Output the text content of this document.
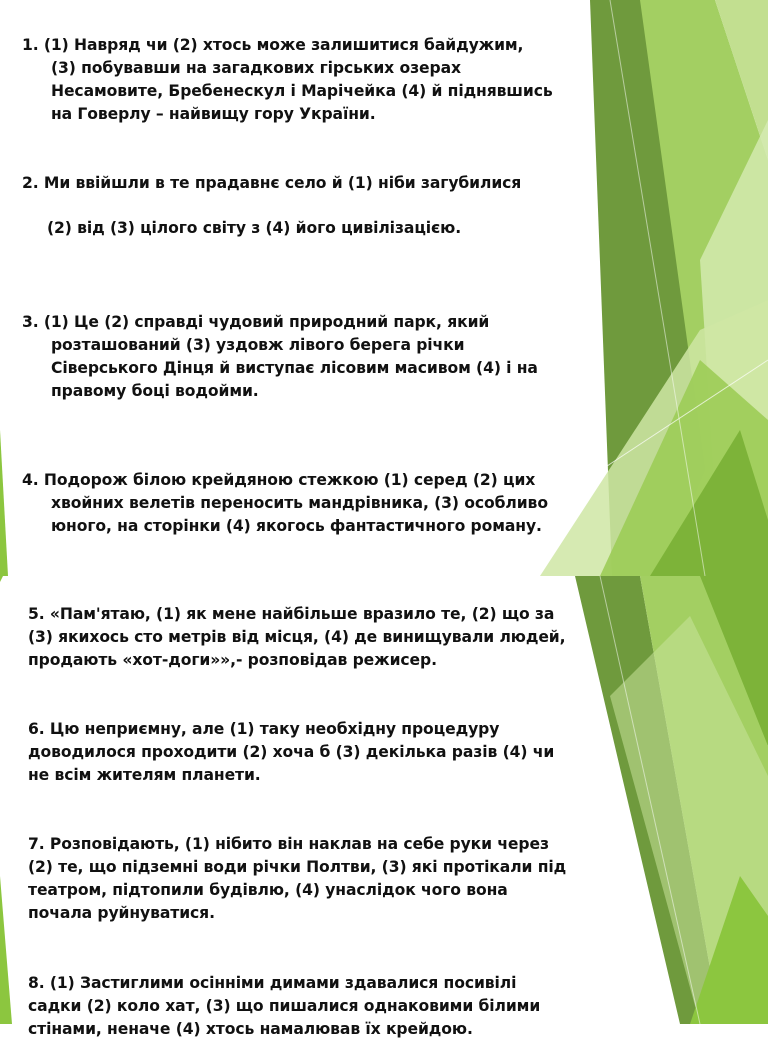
1. (1) Навряд чи (2) хтось може залишитися байдужим,

(3) побувавши на загадкових гірських озерах

Несамовите, Бребенескул і Марічейка (4) й піднявшись

на Говерлу – найвищу гору України.

2. Ми ввійшли в те прадавнє село й (1) ніби загубилися

(2) від (3) цілого світу з (4) його цивілізацією.

3. (1) Це (2) справді чудовий природний парк, який

розташований (3) уздовж лівого берега річки

Сіверського Дінця й виступає лісовим масивом (4) і на

правому боці водойми.

4. Подорож білою крейдяною стежкою (1) серед (2) цих

хвойних велетів переносить мандрівника, (3) особливо

юного, на сторінки (4) якогось фантастичного роману.

5. «Пам'ятаю, (1) як мене найбільше вразило те, (2) що за

(3) якихось сто метрів від місця, (4) де винищували людей,

продають «хот-доги»»,- розповідав режисер.

6. Цю неприємну, але (1) таку необхідну процедуру

доводилося проходити (2) хоча б (3) декілька разів (4) чи

не всім жителям планети.

7. Розповідають, (1) нібито він наклав на себе руки через

(2) те, що підземні води річки Полтви, (3) які протікали під

театром, підтопили будівлю, (4) унаслідок чого вона

почала руйнуватися.

8. (1) Застиглими осінніми димами здавалися посивілі

садки (2) коло хат, (3) що пишалися однаковими білими

стінами, неначе (4) хтось намалював їх крейдою.
